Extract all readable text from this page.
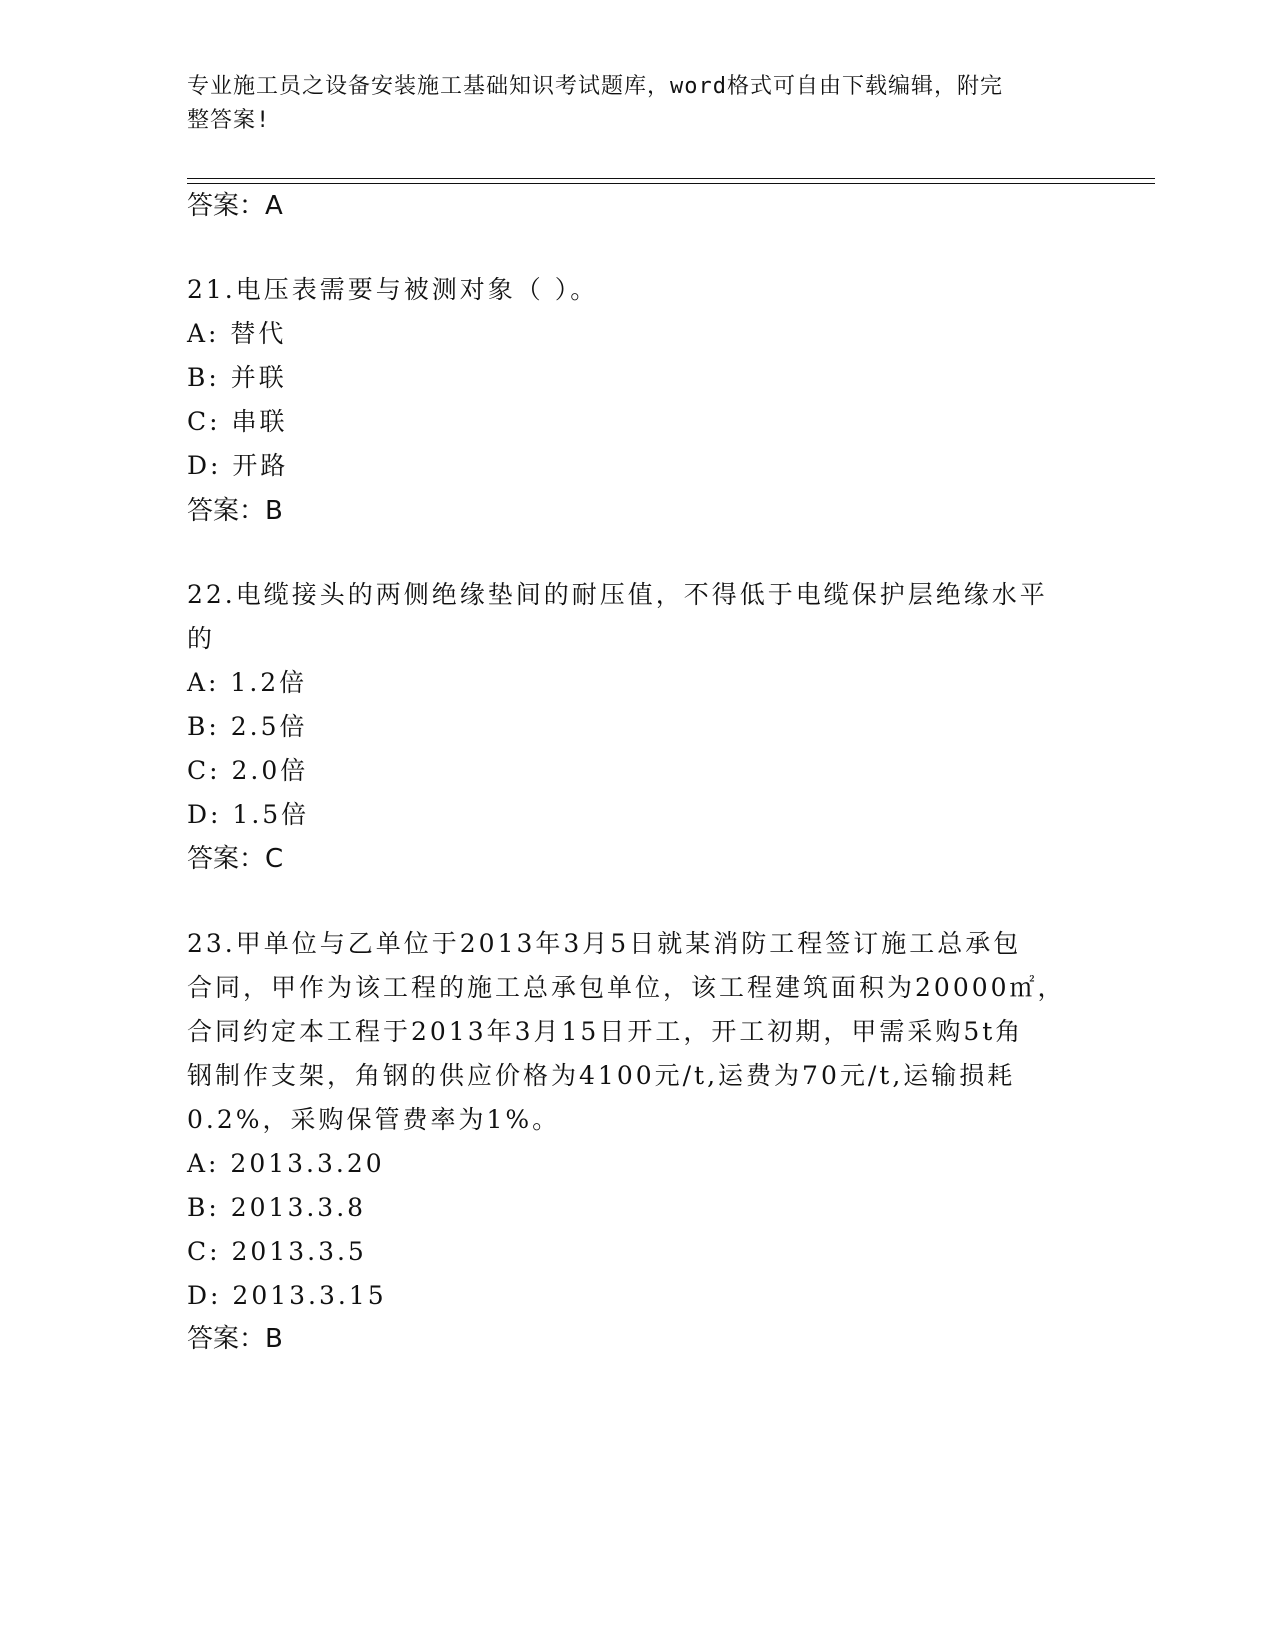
专业施工员之设备安装施工基础知识考试题库，word格式可自由下载编辑，附完
整答案!
答案：A
21.电压表需要与被测对象（ ）。
A: 替代
B: 并联
C: 串联
D: 开路
答案：B
22.电缆接头的两侧绝缘垫间的耐压值，不得低于电缆保护层绝缘水平
的
A: 1.2倍
B: 2.5倍
C: 2.0倍
D: 1.5倍
答案：C
23.甲单位与乙单位于2013年3月5日就某消防工程签订施工总承包
合同，甲作为该工程的施工总承包单位，该工程建筑面积为20000㎡，
合同约定本工程于2013年3月15日开工，开工初期，甲需采购5t角
钢制作支架，角钢的供应价格为4100元/t,运费为70元/t,运输损耗
0.2%，采购保管费率为1%。
A: 2013.3.20
B: 2013.3.8
C: 2013.3.5
D: 2013.3.15
答案：B
